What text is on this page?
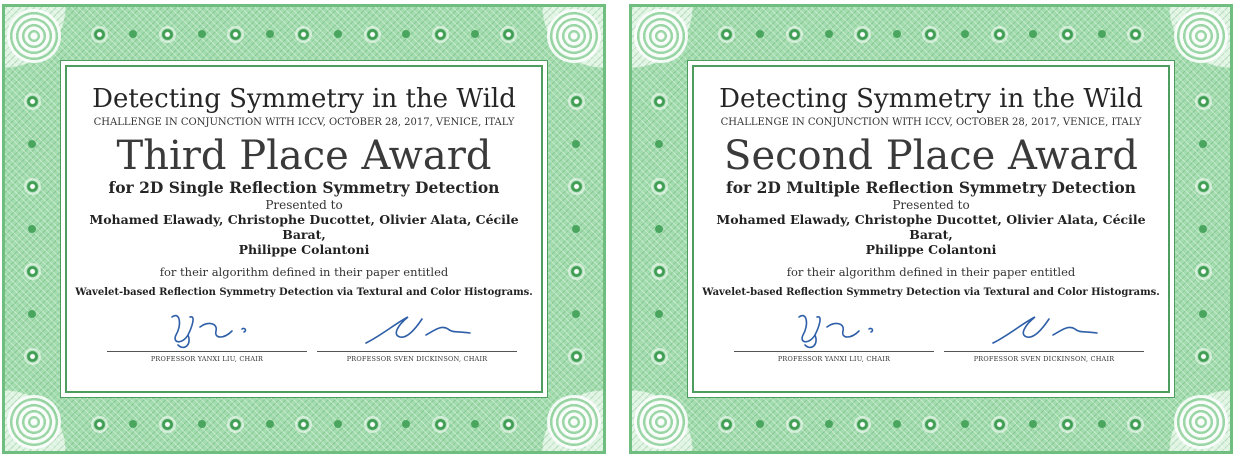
Detecting Symmetry in the Wild
CHALLENGE IN CONJUNCTION WITH ICCV, OCTOBER 28, 2017, VENICE, ITALY
Third Place Award
for 2D Single Reflection Symmetry Detection
Presented to
Mohamed Elawady, Christophe Ducottet, Olivier Alata, Cécile Barat,
Philippe Colantoni
for their algorithm defined in their paper entitled
Wavelet-based Reflection Symmetry Detection via Textural and Color Histograms.
PROFESSOR YANXI LIU, CHAIR	PROFESSOR SVEN DICKINSON, CHAIR
Detecting Symmetry in the Wild
CHALLENGE IN CONJUNCTION WITH ICCV, OCTOBER 28, 2017, VENICE, ITALY
Second Place Award
for 2D Multiple Reflection Symmetry Detection
Presented to
Mohamed Elawady, Christophe Ducottet, Olivier Alata, Cécile Barat,
Philippe Colantoni
for their algorithm defined in their paper entitled
Wavelet-based Reflection Symmetry Detection via Textural and Color Histograms.
PROFESSOR YANXI LIU, CHAIR	PROFESSOR SVEN DICKINSON, CHAIR
